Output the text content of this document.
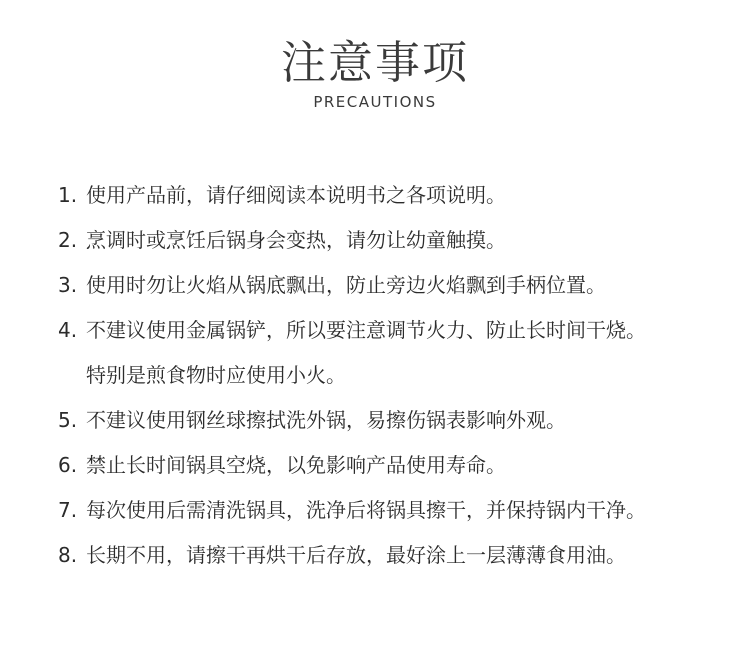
注意事项
PRECAUTIONS
1. 使用产品前，请仔细阅读本说明书之各项说明。
2. 烹调时或烹饪后锅身会变热，请勿让幼童触摸。
3. 使用时勿让火焰从锅底飘出，防止旁边火焰飘到手柄位置。
4. 不建议使用金属锅铲，所以要注意调节火力、防止长时间干烧。
特别是煎食物时应使用小火。
5. 不建议使用钢丝球擦拭洗外锅，易擦伤锅表影响外观。
6. 禁止长时间锅具空烧，以免影响产品使用寿命。
7. 每次使用后需清洗锅具，洗净后将锅具擦干，并保持锅内干净。
8. 长期不用，请擦干再烘干后存放，最好涂上一层薄薄食用油。
